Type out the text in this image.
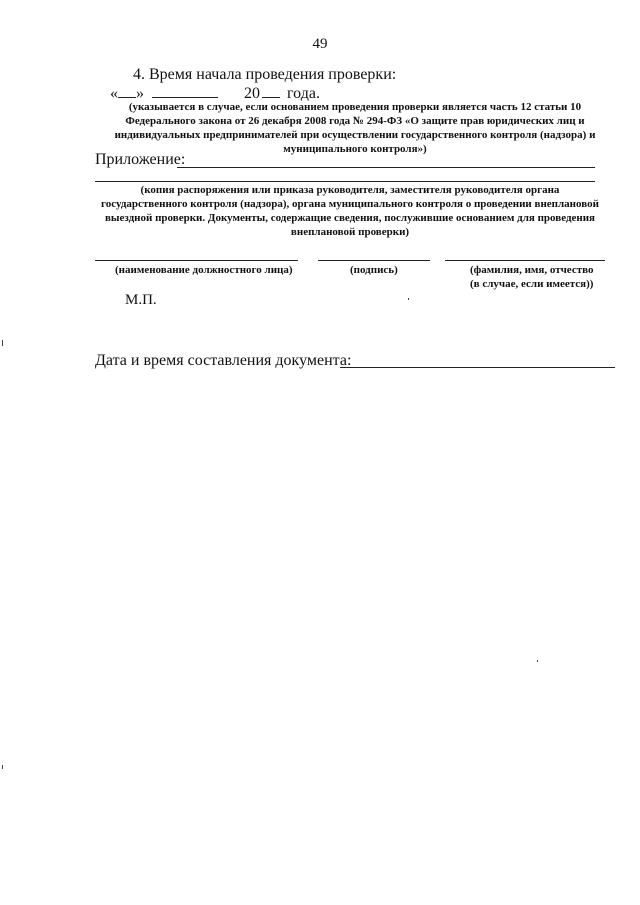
49
4. Время начала проведения проверки:
« »	20 года.
(указывается в случае, если основанием проведения проверки является часть 12 статьи 10 Федерального закона от 26 декабря 2008 года № 294-ФЗ «О защите прав юридических лиц и индивидуальных предпринимателей при осуществлении государственного контроля (надзора) и муниципального контроля»)
Приложение:
(копия распоряжения или приказа руководителя, заместителя руководителя органа государственного контроля (надзора), органа муниципального контроля о проведении внеплановой выездной проверки. Документы, содержащие сведения, послужившие основанием для проведения внеплановой проверки)
(наименование должностного лица)	(подпись)	(фамилия, имя, отчество
(в случае, если имеется))
М.П.
Дата и время составления документа:
